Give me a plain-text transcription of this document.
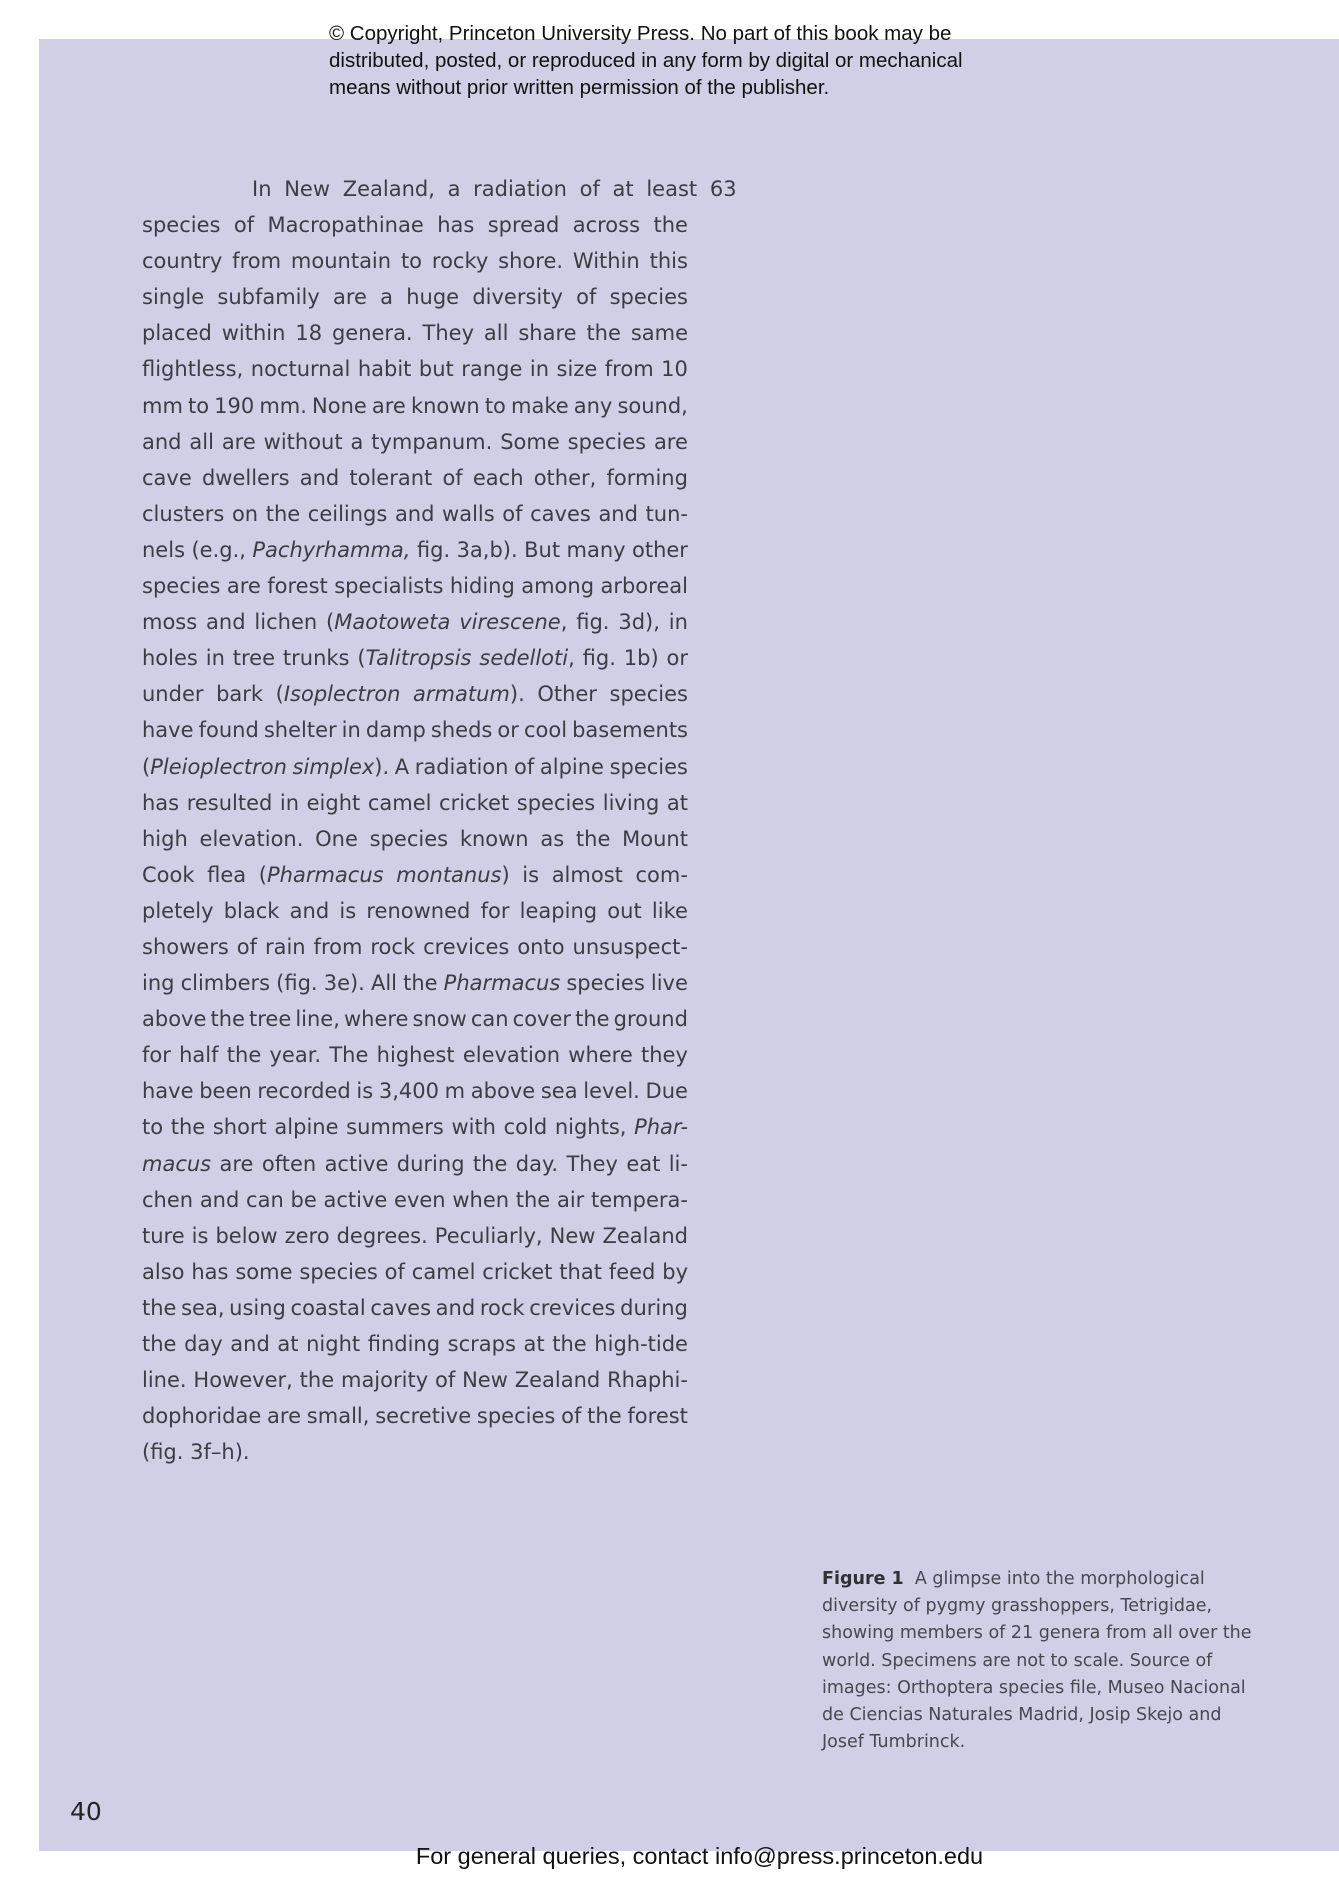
© Copyright, Princeton University Press. No part of this book may be
distributed, posted, or reproduced in any form by digital or mechanical
means without prior written permission of the publisher.
In New Zealand, a radiation of at least 63
species of Macropathinae has spread across the
country from mountain to rocky shore. Within this
single subfamily are a huge diversity of species
placed within 18 genera. They all share the same
flightless, nocturnal habit but range in size from 10
mm to 190 mm. None are known to make any sound,
and all are without a tympanum. Some species are
cave dwellers and tolerant of each other, forming
clusters on the ceilings and walls of caves and tun-
nels (e.g., Pachyrhamma, fig. 3a,b). But many other
species are forest specialists hiding among arboreal
moss and lichen (Maotoweta virescene, fig. 3d), in
holes in tree trunks (Talitropsis sedelloti, fig. 1b) or
under bark (Isoplectron armatum). Other species
have found shelter in damp sheds or cool basements
(Pleioplectron simplex). A radiation of alpine species
has resulted in eight camel cricket species living at
high elevation. One species known as the Mount
Cook flea (Pharmacus montanus) is almost com-
pletely black and is renowned for leaping out like
showers of rain from rock crevices onto unsuspect-
ing climbers (fig. 3e). All the Pharmacus species live
above the tree line, where snow can cover the ground
for half the year. The highest elevation where they
have been recorded is 3,400 m above sea level. Due
to the short alpine summers with cold nights, Phar-
macus are often active during the day. They eat li-
chen and can be active even when the air tempera-
ture is below zero degrees. Peculiarly, New Zealand
also has some species of camel cricket that feed by
the sea, using coastal caves and rock crevices during
the day and at night finding scraps at the high-tide
line. However, the majority of New Zealand Rhaphi-
dophoridae are small, secretive species of the forest
(fig. 3f–h).
Figure 1 A glimpse into the morphological
diversity of pygmy grasshoppers, Tetrigidae,
showing members of 21 genera from all over the
world. Specimens are not to scale. Source of
images: Orthoptera species file, Museo Nacional
de Ciencias Naturales Madrid, Josip Skejo and
Josef Tumbrinck.
40
For general queries, contact info@press.princeton.edu
